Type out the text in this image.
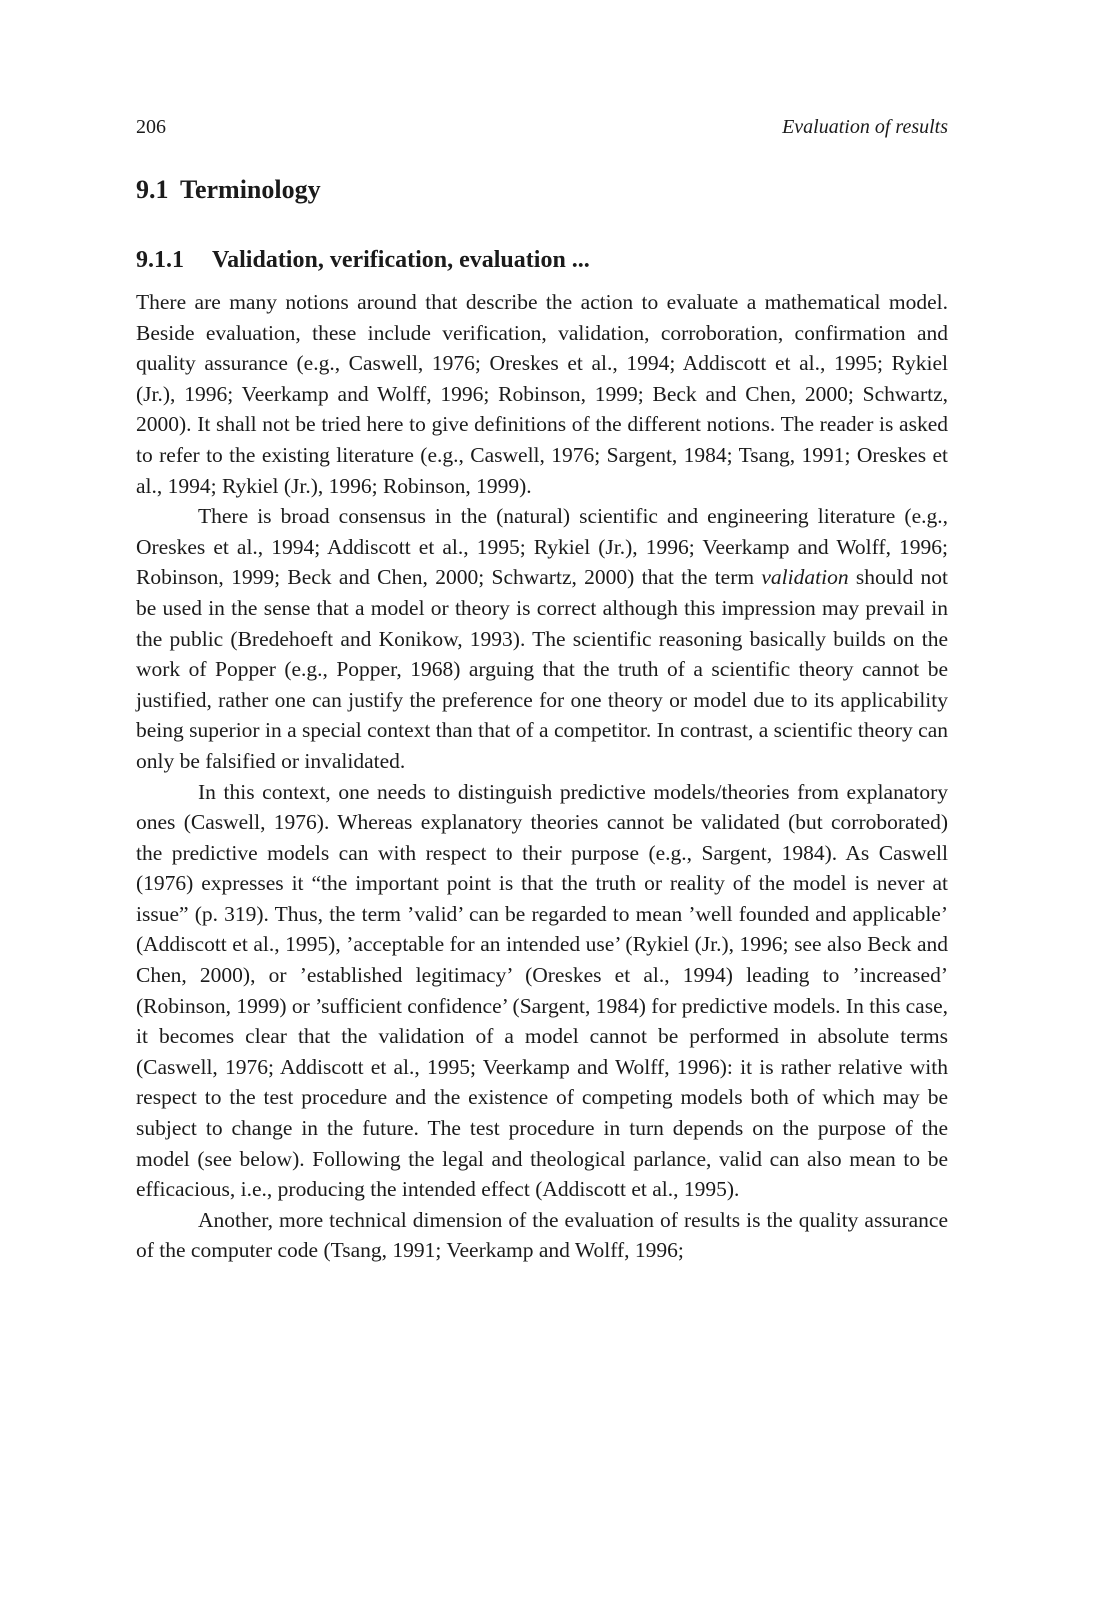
206	Evaluation of results
9.1 Terminology
9.1.1 Validation, verification, evaluation ...

There are many notions around that describe the action to evaluate a mathematical model. Beside evaluation, these include verification, validation, corroboration, confirmation and quality assurance (e.g., Caswell, 1976; Oreskes et al., 1994; Addiscott et al., 1995; Rykiel (Jr.), 1996; Veerkamp and Wolff, 1996; Robinson, 1999; Beck and Chen, 2000; Schwartz, 2000). It shall not be tried here to give definitions of the different notions. The reader is asked to refer to the existing literature (e.g., Caswell, 1976; Sargent, 1984; Tsang, 1991; Oreskes et al., 1994; Rykiel (Jr.), 1996; Robinson, 1999).

There is broad consensus in the (natural) scientific and engineering literature (e.g., Oreskes et al., 1994; Addiscott et al., 1995; Rykiel (Jr.), 1996; Veerkamp and Wolff, 1996; Robinson, 1999; Beck and Chen, 2000; Schwartz, 2000) that the term validation should not be used in the sense that a model or theory is correct although this impression may prevail in the public (Bredehoeft and Konikow, 1993). The scientific reasoning basically builds on the work of Popper (e.g., Popper, 1968) arguing that the truth of a scientific theory cannot be justified, rather one can justify the preference for one theory or model due to its applicability being superior in a special context than that of a competitor. In contrast, a scientific theory can only be falsified or invalidated.

In this context, one needs to distinguish predictive models/theories from explanatory ones (Caswell, 1976). Whereas explanatory theories cannot be validated (but corroborated) the predictive models can with respect to their purpose (e.g., Sargent, 1984). As Caswell (1976) expresses it “the important point is that the truth or reality of the model is never at issue” (p. 319). Thus, the term ’valid’ can be regarded to mean ’well founded and applicable’ (Addiscott et al., 1995), ’acceptable for an intended use’ (Rykiel (Jr.), 1996; see also Beck and Chen, 2000), or ’established legitimacy’ (Oreskes et al., 1994) leading to ’increased’ (Robinson, 1999) or ’sufficient confidence’ (Sargent, 1984) for predictive models. In this case, it becomes clear that the validation of a model cannot be performed in absolute terms (Caswell, 1976; Addiscott et al., 1995; Veerkamp and Wolff, 1996): it is rather relative with respect to the test procedure and the existence of competing models both of which may be subject to change in the future. The test procedure in turn depends on the purpose of the model (see below). Following the legal and theological parlance, valid can also mean to be efficacious, i.e., producing the intended effect (Addiscott et al., 1995).

Another, more technical dimension of the evaluation of results is the quality assurance of the computer code (Tsang, 1991; Veerkamp and Wolff, 1996;
